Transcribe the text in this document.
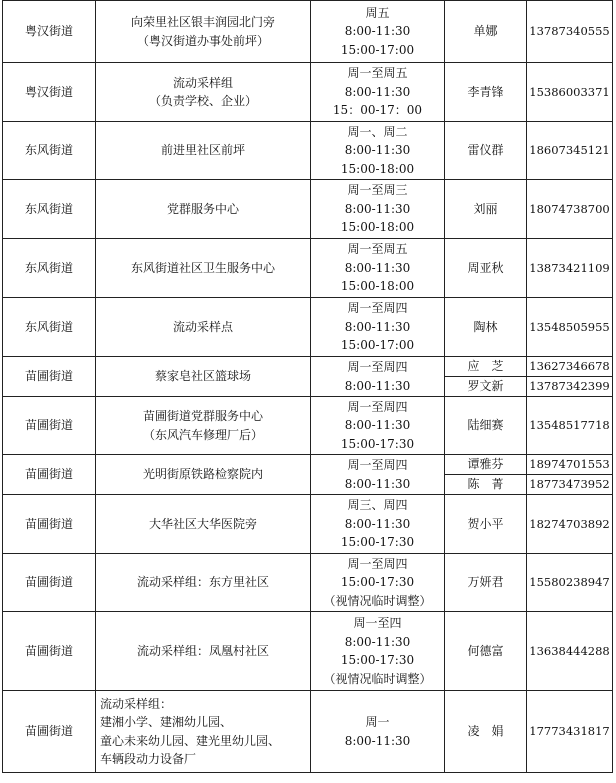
粤汉街道	向荣里社区银丰润园北门旁
（粤汉街道办事处前坪）	周五
8:00-11:30
15:00-17:00	单娜	13787340555
粤汉街道	流动采样组
（负责学校、企业）	周一至周五
8:00-11:30
15：00-17：00	李青锋	15386003371
东风街道	前进里社区前坪	周一、周二
8:00-11:30
15:00-18:00	雷仪群	18607345121
东风街道	党群服务中心	周一至周三
8:00-11:30
15:00-18:00	刘丽	18074738700
东风街道	东风街道社区卫生服务中心	周一至周五
8:00-11:30
15:00-18:00	周亚秋	13873421109
东风街道	流动采样点	周一至周四
8:00-11:30
15:00-17:00	陶林	13548505955
苗圃街道	蔡家皂社区篮球场	周一至周四
8:00-11:30	应　芝	13627346678
			罗文新	13787342399
苗圃街道	苗圃街道党群服务中心
（东风汽车修理厂后）	周一至周四
8:00-11:30
15:00-17:30	陆细赛	13548517718
苗圃街道	光明街原铁路检察院内	周一至周四
8:00-11:30	谭雅芬	18974701553
			陈　菁	18773473952
苗圃街道	大华社区大华医院旁	周三、周四
8:00-11:30
15:00-17:30	贺小平	18274703892
苗圃街道	流动采样组：东方里社区	周一至周四
15:00-17:30
（视情况临时调整）	万妍君	15580238947
苗圃街道	流动采样组：凤凰村社区	周一至四
8:00-11:30
15:00-17:30
（视情况临时调整）	何德富	13638444288
苗圃街道	流动采样组：
建湘小学、建湘幼儿园、
童心未来幼儿园、建光里幼儿园、
车辆段动力设备厂	周一
8:00-11:30	凌　娟	17773431817
